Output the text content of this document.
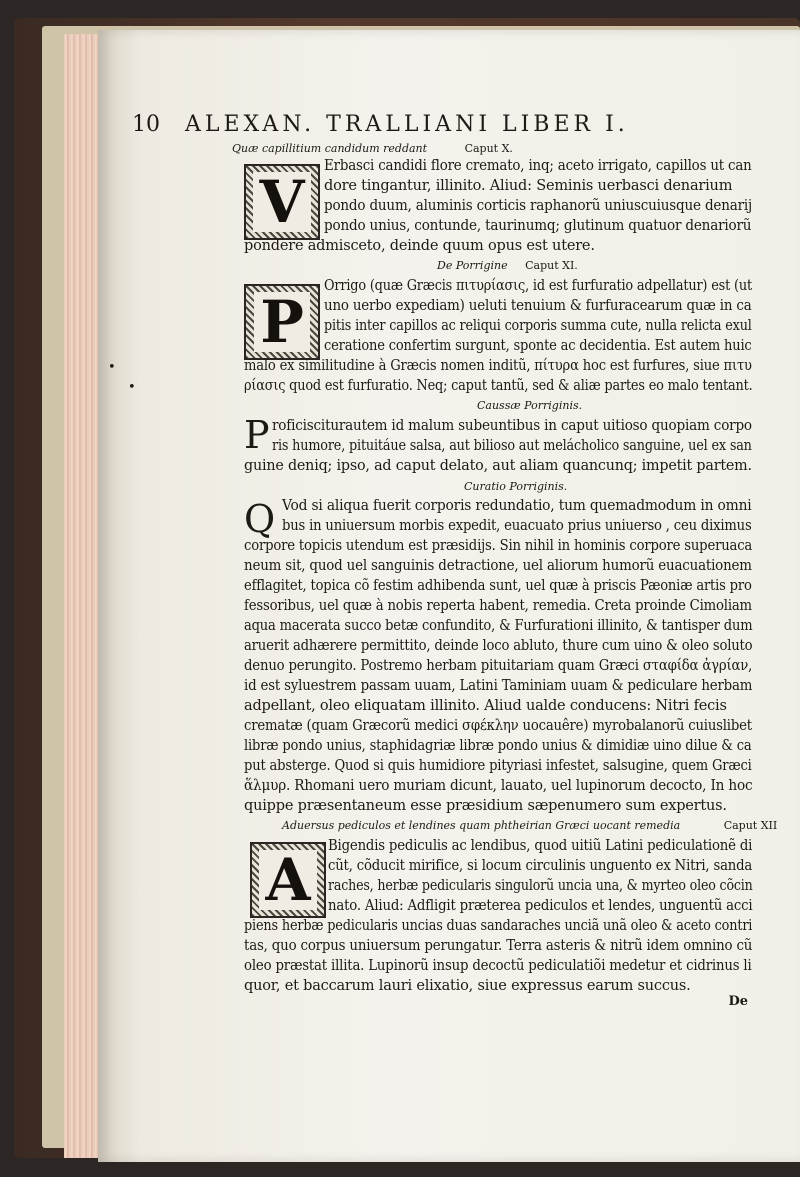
10 ALEXAN. TRALLIANI LIBER I.
Quæ capillitium candidum reddant	Caput X.
V
Erbasci candidi flore cremato, inq; aceto irrigato, capillos ut can
dore tingantur, illinito. Aliud: Seminis uerbasci denarium
pondo duum, aluminis corticis raphanorũ uniuscuiusque denarij
pondo unius, contunde, taurinumq; glutinum quatuor denariorũ
pondere admisceto, deinde quum opus est utere.
De Porrigine Caput XI.
P
Orrigo (quæ Græcis πιτυρίασις, id est furfuratio adpellatur) est (ut
uno uerbo expediam) ueluti tenuium & furfuracearum quæ in ca
pitis inter capillos ac reliqui corporis summa cute, nulla relicta exul
ceratione confertim surgunt, sponte ac decidentia. Est autem huic
•	malo ex similitudine à Græcis nomen inditũ, πίτυρα hoc est furfures, siue πιτυ
•	ρίασις quod est furfuratio. Neq; caput tantũ, sed & aliæ partes eo malo tentant.
Caussæ Porriginis.
P roficisciturautem id malum subeuntibus in caput uitioso quopiam corpo
ris humore, pituitáue salsa, aut bilioso aut melácholico sanguine, uel ex san
guine deniq; ipso, ad caput delato, aut aliam quancunq; impetit partem.
Curatio Porriginis.
Q Vod si aliqua fuerit corporis redundatio, tum quemadmodum in omni
bus in uniuersum morbis expedit, euacuato prius uniuerso , ceu diximus
corpore topicis utendum est præsidijs. Sin nihil in hominis corpore superuaca
neum sit, quod uel sanguinis detractione, uel aliorum humorũ euacuationem
efflagitet, topica cõ festim adhibenda sunt, uel quæ à priscis Pæoniæ artis pro
fessoribus, uel quæ à nobis reperta habent, remedia. Creta proinde Cimoliam
aqua macerata succo betæ confundito, & Furfurationi illinito, & tantisper dum
aruerit adhærere permittito, deinde loco abluto, thure cum uino & oleo soluto
denuo perungito. Postremo herbam pituitariam quam Græci σταφίδα ἀγρίαν,
id est syluestrem passam uuam, Latini Taminiam uuam & pediculare herbam
adpellant, oleo eliquatam illinito. Aliud ualde conducens: Nitri fecis
crematæ (quam Græcorũ medici σφέκλην uocauêre) myrobalanorũ cuiuslibet
libræ pondo unius, staphidagriæ libræ pondo unius & dimidiæ uino dilue & ca
put absterge. Quod si quis humidiore pityriasi infestet, salsugine, quem Græci
ἅλμυρ. Rhomani uero muriam dicunt, lauato, uel lupinorum decocto, In hoc
quippe præsentaneum esse præsidium sæpenumero sum expertus.
Aduersus pediculos et lendines quam phtheirian Græci uocant remedia	Caput XII
A	Bigendis pediculis ac lendibus, quod uitiũ Latini pediculationẽ di
cũt, cõducit mirifice, si locum circulinis unguento ex Nitri, sanda
raches, herbæ pedicularis singulorũ uncia una, & myrteo oleo cõcin
nato. Aliud: Adfligit præterea pediculos et lendes, unguentũ acci
piens herbæ pedicularis uncias duas sandaraches unciã unã oleo & aceto contri
tas, quo corpus uniuersum perungatur. Terra asteris & nitrũ idem omnino cũ
oleo præstat illita. Lupinorũ insup decoctũ pediculatiõi medetur et cidrinus li
quor, et baccarum lauri elixatio, siue expressus earum succus.
De
